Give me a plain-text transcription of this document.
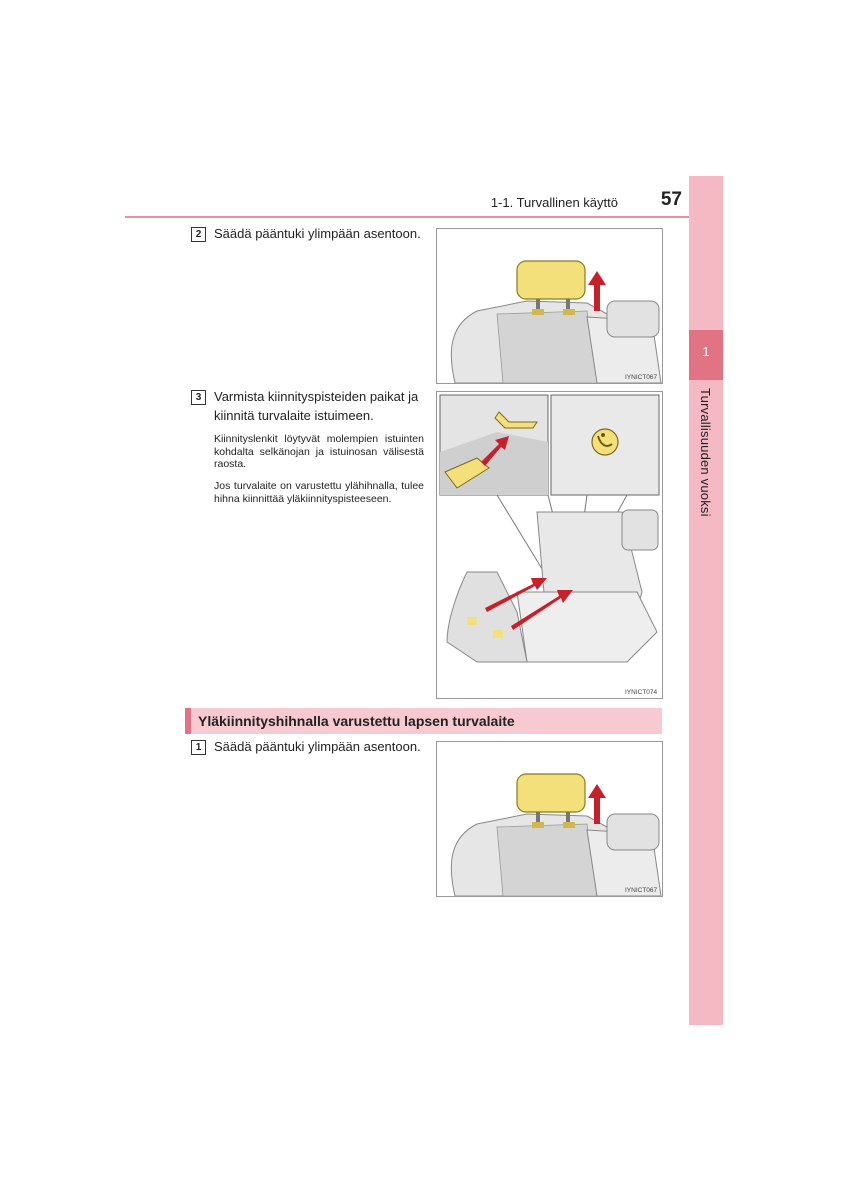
1-1. Turvallinen käyttö	57
1
Turvallisuuden vuoksi
2 Säädä pääntuki ylimpään asentoon.
IYNICT067
3 Varmista kiinnityspisteiden paikat ja
kiinnitä turvalaite istuimeen.
Kiinnityslenkit löytyvät molempien istuinten kohdalta selkänojan ja istuinosan välisestä raosta.
Jos turvalaite on varustettu ylähihnalla, tulee hihna kiinnittää yläkiinnityspisteeseen.
IYNICT074
Yläkiinnityshihnalla varustettu lapsen turvalaite
1 Säädä pääntuki ylimpään asentoon.
IYNICT067
